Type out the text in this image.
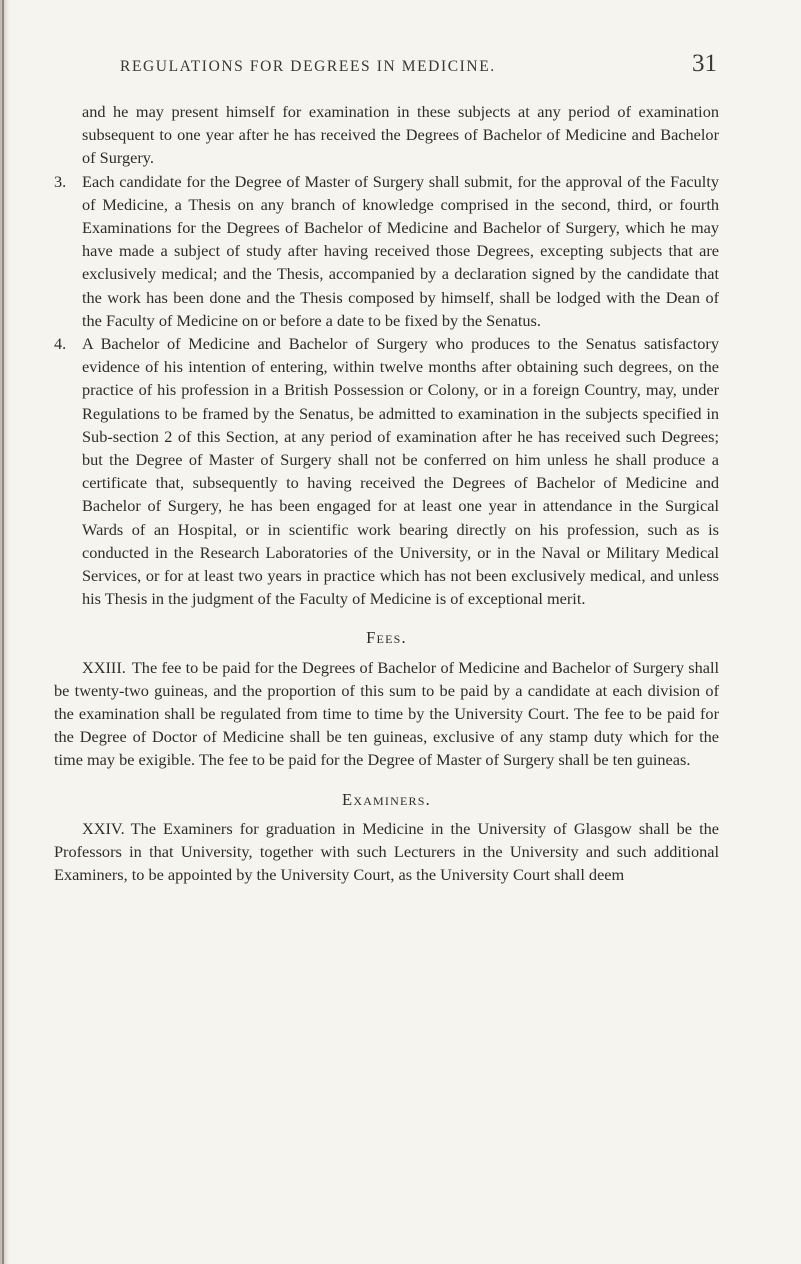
REGULATIONS FOR DEGREES IN MEDICINE.	31

and he may present himself for examination in these subjects at any period of examination subsequent to one year after he has received the Degrees of Bachelor of Medicine and Bachelor of Surgery.

3. Each candidate for the Degree of Master of Surgery shall submit, for the approval of the Faculty of Medicine, a Thesis on any branch of knowledge comprised in the second, third, or fourth Examinations for the Degrees of Bachelor of Medicine and Bachelor of Surgery, which he may have made a subject of study after having received those Degrees, excepting subjects that are exclusively medical; and the Thesis, accompanied by a declaration signed by the candidate that the work has been done and the Thesis composed by himself, shall be lodged with the Dean of the Faculty of Medicine on or before a date to be fixed by the Senatus.
4. A Bachelor of Medicine and Bachelor of Surgery who produces to the Senatus satisfactory evidence of his intention of entering, within twelve months after obtaining such degrees, on the practice of his profession in a British Possession or Colony, or in a foreign Country, may, under Regulations to be framed by the Senatus, be admitted to examination in the subjects specified in Sub-section 2 of this Section, at any period of examination after he has received such Degrees; but the Degree of Master of Surgery shall not be conferred on him unless he shall produce a certificate that, subsequently to having received the Degrees of Bachelor of Medicine and Bachelor of Surgery, he has been engaged for at least one year in attendance in the Surgical Wards of an Hospital, or in scientific work bearing directly on his profession, such as is conducted in the Research Laboratories of the University, or in the Naval or Military Medical Services, or for at least two years in practice which has not been exclusively medical, and unless his Thesis in the judgment of the Faculty of Medicine is of exceptional merit.
Fees.

XXIII. The fee to be paid for the Degrees of Bachelor of Medicine and Bachelor of Surgery shall be twenty-two guineas, and the proportion of this sum to be paid by a candidate at each division of the examination shall be regulated from time to time by the University Court. The fee to be paid for the Degree of Doctor of Medicine shall be ten guineas, exclusive of any stamp duty which for the time may be exigible. The fee to be paid for the Degree of Master of Surgery shall be ten guineas.

Examiners.

XXIV. The Examiners for graduation in Medicine in the University of Glasgow shall be the Professors in that University, together with such Lecturers in the University and such additional Examiners, to be appointed by the University Court, as the University Court shall deem
